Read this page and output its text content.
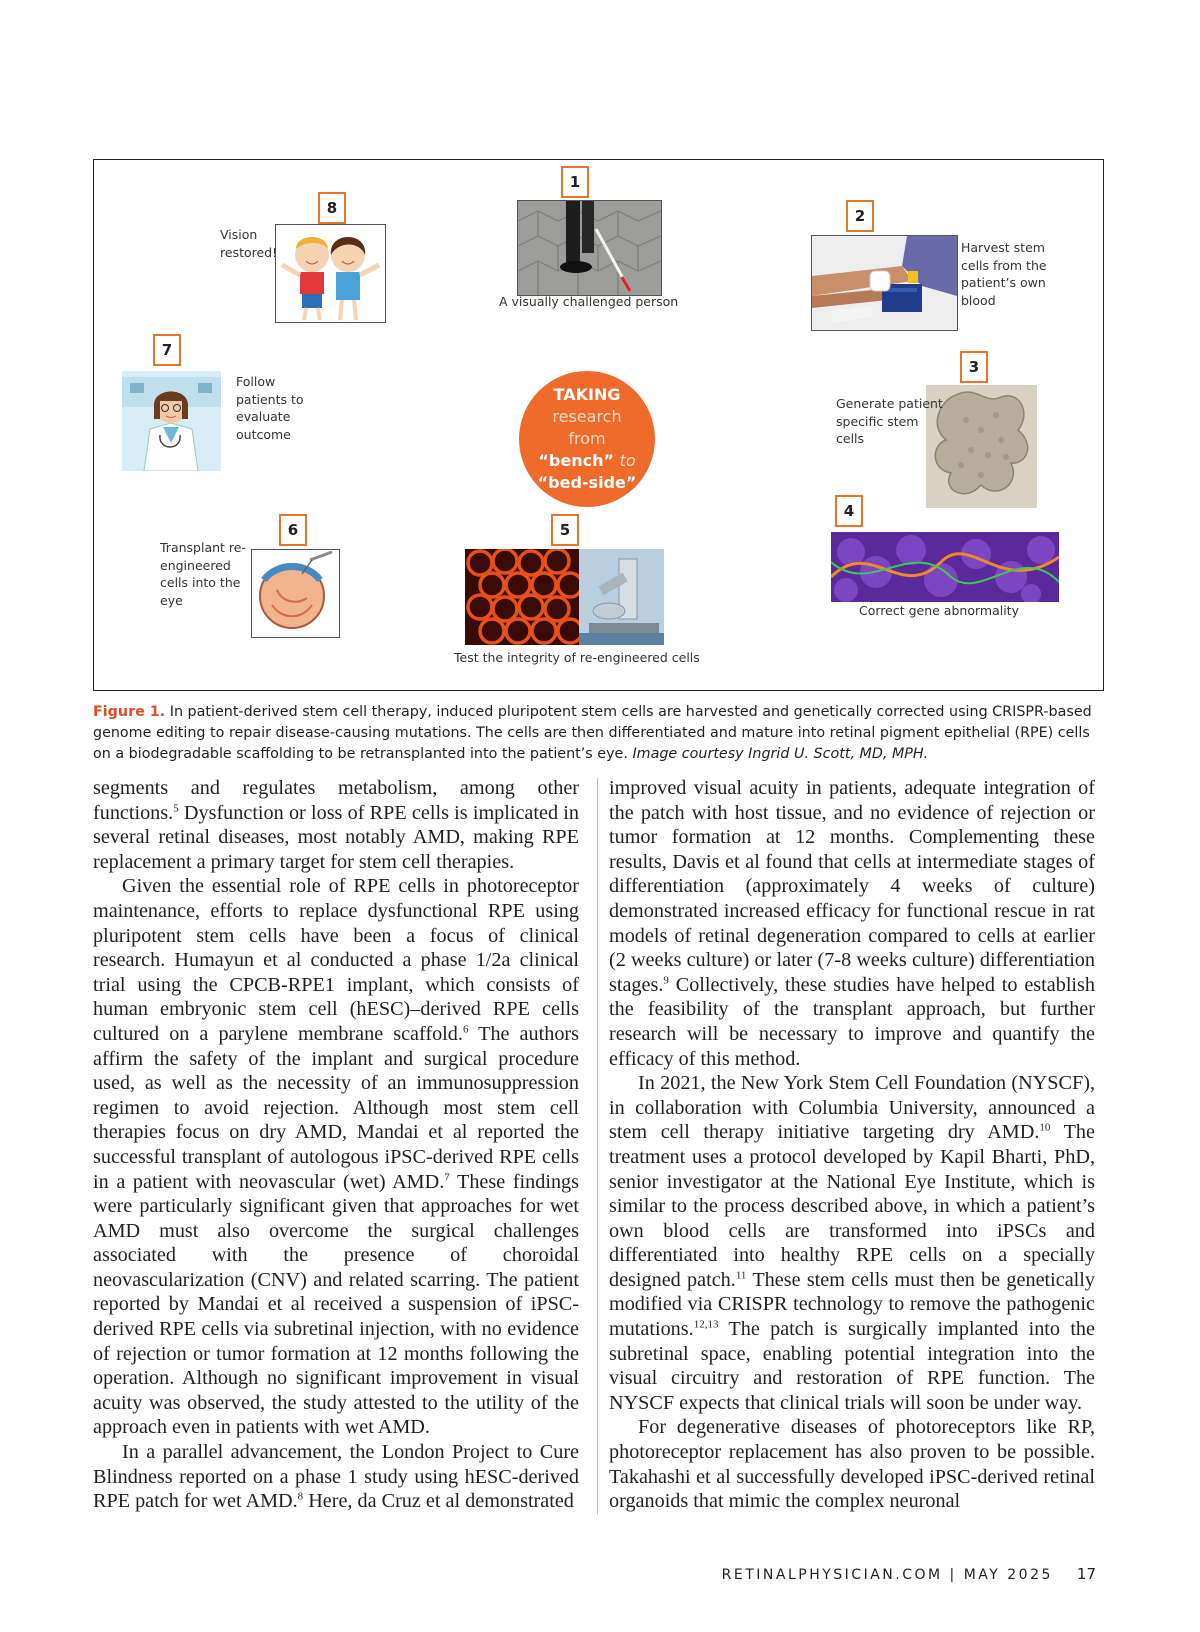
1
A visually challenged person
2
Harvest stem cells from the patient’s own blood
3
Generate patient specific stem cells
4
Correct gene abnormality
5
Test the integrity of re-engineered cells
6
Transplant re-engineered cells into the eye
7
Follow patients to evaluate outcome
8
Vision restored!
TAKING
research
from
“bench” to
“bed-side”
Figure 1. In patient-derived stem cell therapy, induced pluripotent stem cells are harvested and genetically corrected using CRISPR-based genome editing to repair disease-causing mutations. The cells are then differentiated and mature into retinal pigment epithelial (RPE) cells on a biodegradable scaffolding to be retransplanted into the patient’s eye. Image courtesy Ingrid U. Scott, MD, MPH.

segments and regulates metabolism, among other functions.$^5$ Dysfunction or loss of RPE cells is implicated in several retinal diseases, most notably AMD, making RPE replacement a primary target for stem cell therapies.

Given the essential role of RPE cells in photoreceptor maintenance, efforts to replace dysfunctional RPE using pluripotent stem cells have been a focus of clinical research. Humayun et al conducted a phase 1/2a clinical trial using the CPCB-RPE1 implant, which consists of human embryonic stem cell (hESC)–derived RPE cells cultured on a parylene membrane scaffold.$^6$ The authors affirm the safety of the implant and surgical procedure used, as well as the necessity of an immunosuppression regimen to avoid rejection. Although most stem cell therapies focus on dry AMD, Mandai et al reported the successful transplant of autologous iPSC-derived RPE cells in a patient with neovascular (wet) AMD.$^7$ These findings were particularly significant given that approaches for wet AMD must also overcome the surgical challenges associated with the presence of choroidal neovascularization (CNV) and related scarring. The patient reported by Mandai et al received a suspension of iPSC-derived RPE cells via subretinal injection, with no evidence of rejection or tumor formation at 12 months following the operation. Although no significant improvement in visual acuity was observed, the study attested to the utility of the approach even in patients with wet AMD.

In a parallel advancement, the London Project to Cure Blindness reported on a phase 1 study using hESC-derived RPE patch for wet AMD.$^8$ Here, da Cruz et al demonstrated

improved visual acuity in patients, adequate integration of the patch with host tissue, and no evidence of rejection or tumor formation at 12 months. Complementing these results, Davis et al found that cells at intermediate stages of differentiation (approximately 4 weeks of culture) demonstrated increased efficacy for functional rescue in rat models of retinal degeneration compared to cells at earlier (2 weeks culture) or later (7-8 weeks culture) differentiation stages.$^9$ Collectively, these studies have helped to establish the feasibility of the transplant approach, but further research will be necessary to improve and quantify the efficacy of this method.

In 2021, the New York Stem Cell Foundation (NYSCF), in collaboration with Columbia University, announced a stem cell therapy initiative targeting dry AMD.$^{10}$ The treatment uses a protocol developed by Kapil Bharti, PhD, senior investigator at the National Eye Institute, which is similar to the process described above, in which a patient’s own blood cells are transformed into iPSCs and differentiated into healthy RPE cells on a specially designed patch.$^{11}$ These stem cells must then be genetically modified via CRISPR technology to remove the pathogenic mutations.$^{12,13}$ The patch is surgically implanted into the subretinal space, enabling potential integration into the visual circuitry and restoration of RPE function. The NYSCF expects that clinical trials will soon be under way.

For degenerative diseases of photoreceptors like RP, photoreceptor replacement has also proven to be possible. Takahashi et al successfully developed iPSC-derived retinal organoids that mimic the complex neuronal

RETINALPHYSICIAN.COM | MAY 2025 17
